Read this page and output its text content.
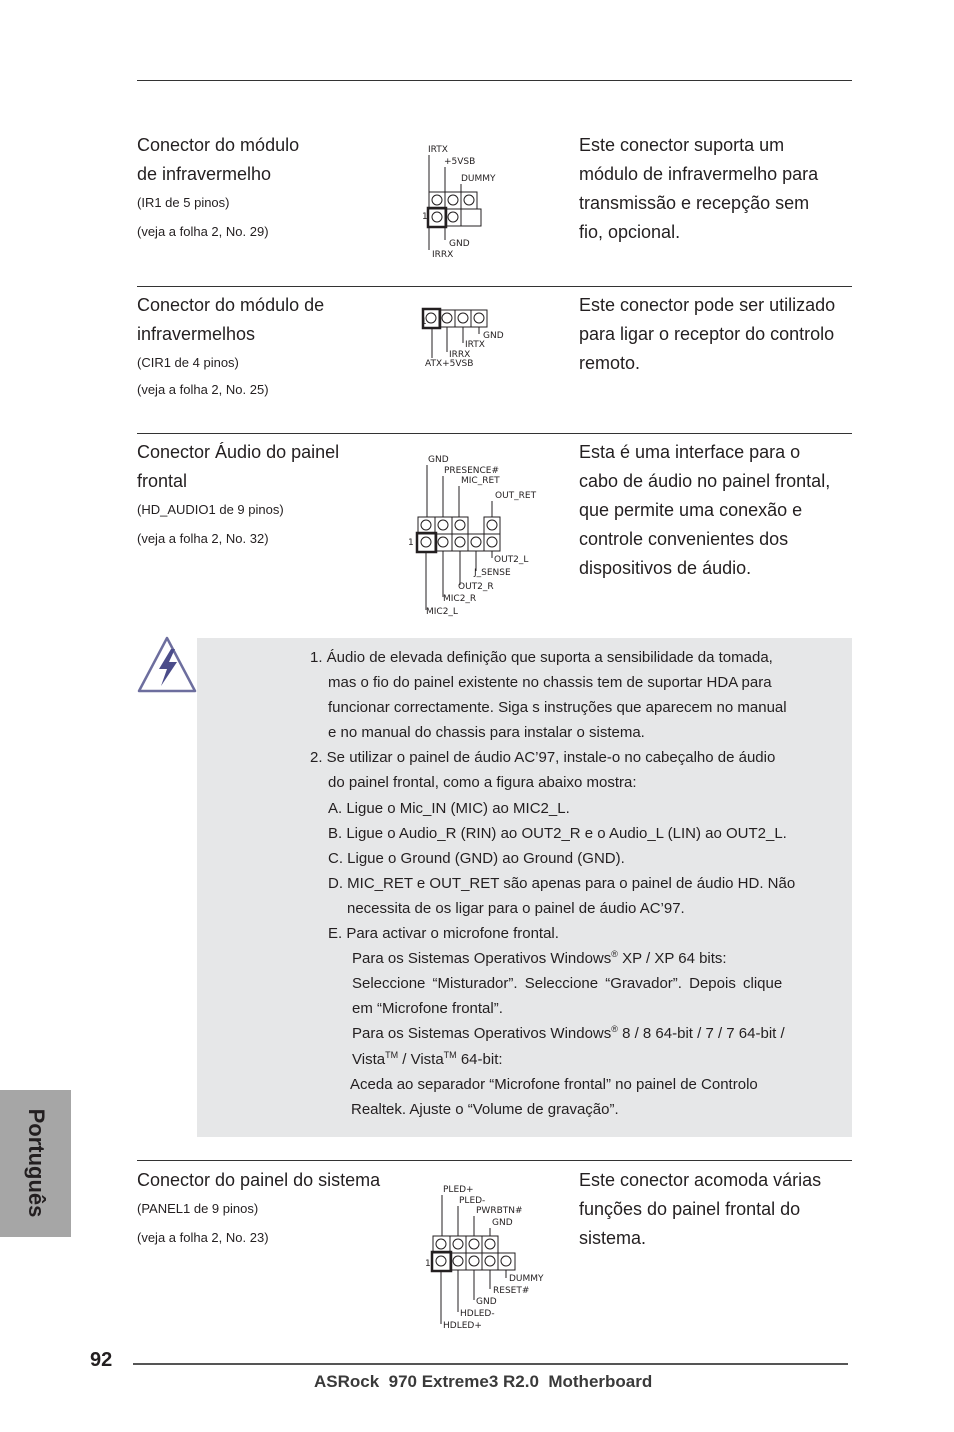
Conector do módulo
de infravermelho
(IR1 de 5 pinos)
(veja a folha 2, No. 29)
IRTX
+5VSB
DUMMY
1
GND
IRRX
Este conector suporta um
módulo de infravermelho para
transmissão e recepção sem
fio, opcional.
Conector do módulo de
infravermelhos
(CIR1 de 4 pinos)
(veja a folha 2, No. 25)
1
GND
IRTX
IRRX
ATX+5VSB
Este conector pode ser utilizado
para ligar o receptor do controlo
remoto.
Conector Áudio do painel
frontal
(HD_AUDIO1 de 9 pinos)
(veja a folha 2, No. 32)
GND
PRESENCE#
MIC_RET
OUT_RET
1
OUT2_L
J_SENSE
OUT2_R
MIC2_R
MIC2_L
Esta é uma interface para o
cabo de áudio no painel frontal,
que permite uma conexão e
controle convenientes dos
dispositivos de áudio.
1. Áudio de elevada definição que suporta a sensibilidade da tomada,
mas o fio do painel existente no chassis tem de suportar HDA para
funcionar correctamente. Siga s instruções que aparecem no manual
e no manual do chassis para instalar o sistema.
2. Se utilizar o painel de áudio AC’97, instale-o no cabeçalho de áudio
do painel frontal, como a figura abaixo mostra:
A. Ligue o Mic_IN (MIC) ao MIC2_L.
B. Ligue o Audio_R (RIN) ao OUT2_R e o Audio_L (LIN) ao OUT2_L.
C. Ligue o Ground (GND) ao Ground (GND).
D. MIC_RET e OUT_RET são apenas para o painel de áudio HD. Não
necessita de os ligar para o painel de áudio AC’97.
E. Para activar o microfone frontal.
Para os Sistemas Operativos Windows® XP / XP 64 bits:
Seleccione “Misturador”. Seleccione “Gravador”. Depois clique
em “Microfone frontal”.
Para os Sistemas Operativos Windows® 8 / 8 64-bit / 7 / 7 64-bit /
Vista™ / Vista™ 64-bit:
Aceda ao separador “Microfone frontal” no painel de Controlo
Realtek. Ajuste o “Volume de gravação”.
Conector do painel do sistema
(PANEL1 de 9 pinos)
(veja a folha 2, No. 23)
PLED+
PLED-
PWRBTN#
GND
1
DUMMY
RESET#
GND
HDLED-
HDLED+
Este conector acomoda várias
funções do painel frontal do
sistema.
Português
92
ASRock  970 Extreme3 R2.0  Motherboard
